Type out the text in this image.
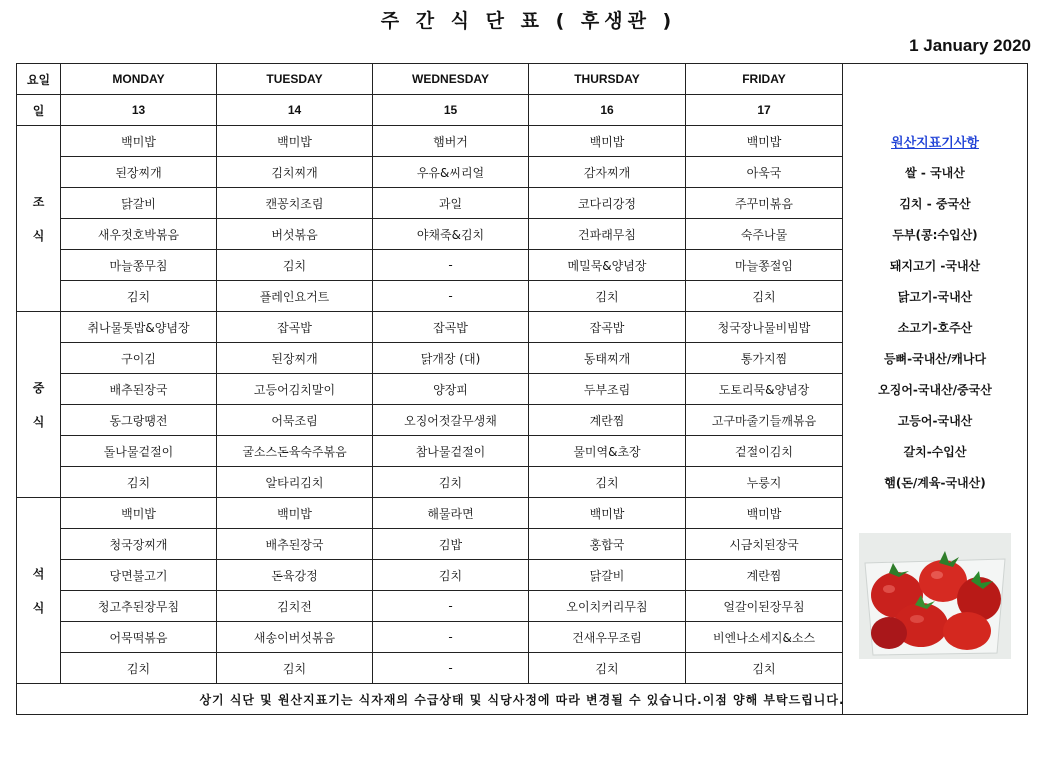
주 간 식 단 표 ( 후생관 )
1 January 2020
요일	MONDAY	TUESDAY	WEDNESDAY	THURSDAY	FRIDAY	
일	13	14	15	16	17	

조
식	백미밥	백미밥	햄버거	백미밥	백미밥	원산지표기사항
	된장찌개	김치찌개	우유&씨리얼	감자찌개	아욱국	쌀 - 국내산
	닭갈비	캔꽁치조림	과일	코다리강정	주꾸미볶음	김치 - 중국산
	새우젓호박볶음	버섯볶음	야채죽&김치	건파래무침	숙주나물	두부(콩:수입산)
	마늘쫑무침	김치	-	메밀묵&양념장	마늘쫑절임	돼지고기 -국내산
	김치	플레인요거트	-	김치	김치	닭고기-국내산

중
식	취나물톳밥&양념장	잡곡밥	잡곡밥	잡곡밥	청국장나물비빔밥	소고기-호주산
	구이김	된장찌개	닭개장 (대)	동태찌개	통가지찜	등뼈-국내산/캐나다
	배추된장국	고등어김치말이	양장피	두부조림	도토리묵&양념장	오징어-국내산/중국산
	동그랑땡전	어묵조림	오징어젓갈무생채	계란찜	고구마줄기들깨볶음	고등어-국내산
	돌나물겉절이	굴소스돈육숙주볶음	참나물겉절이	물미역&초장	겉절이김치	갈치-수입산
	김치	알타리김치	김치	김치	누룽지	햄(돈/계육-국내산)

석
식	백미밥	백미밥	해물라면	백미밥	백미밥	
	청국장찌개	배추된장국	김밥	홍합국	시금치된장국	

	당면불고기	돈육강정	김치	닭갈비	계란찜	
	청고추된장무침	김치전	-	오이치커리무침	얼갈이된장무침	
	어묵떡볶음	새송이버섯볶음	-	건새우무조림	비엔나소세지&소스	
	김치	김치	-	김치	김치	
상기 식단 및 원산지표기는 식자재의 수급상태 및 식당사정에 따라 변경될 수 있습니다.이점 양해 부탁드립니다.						
